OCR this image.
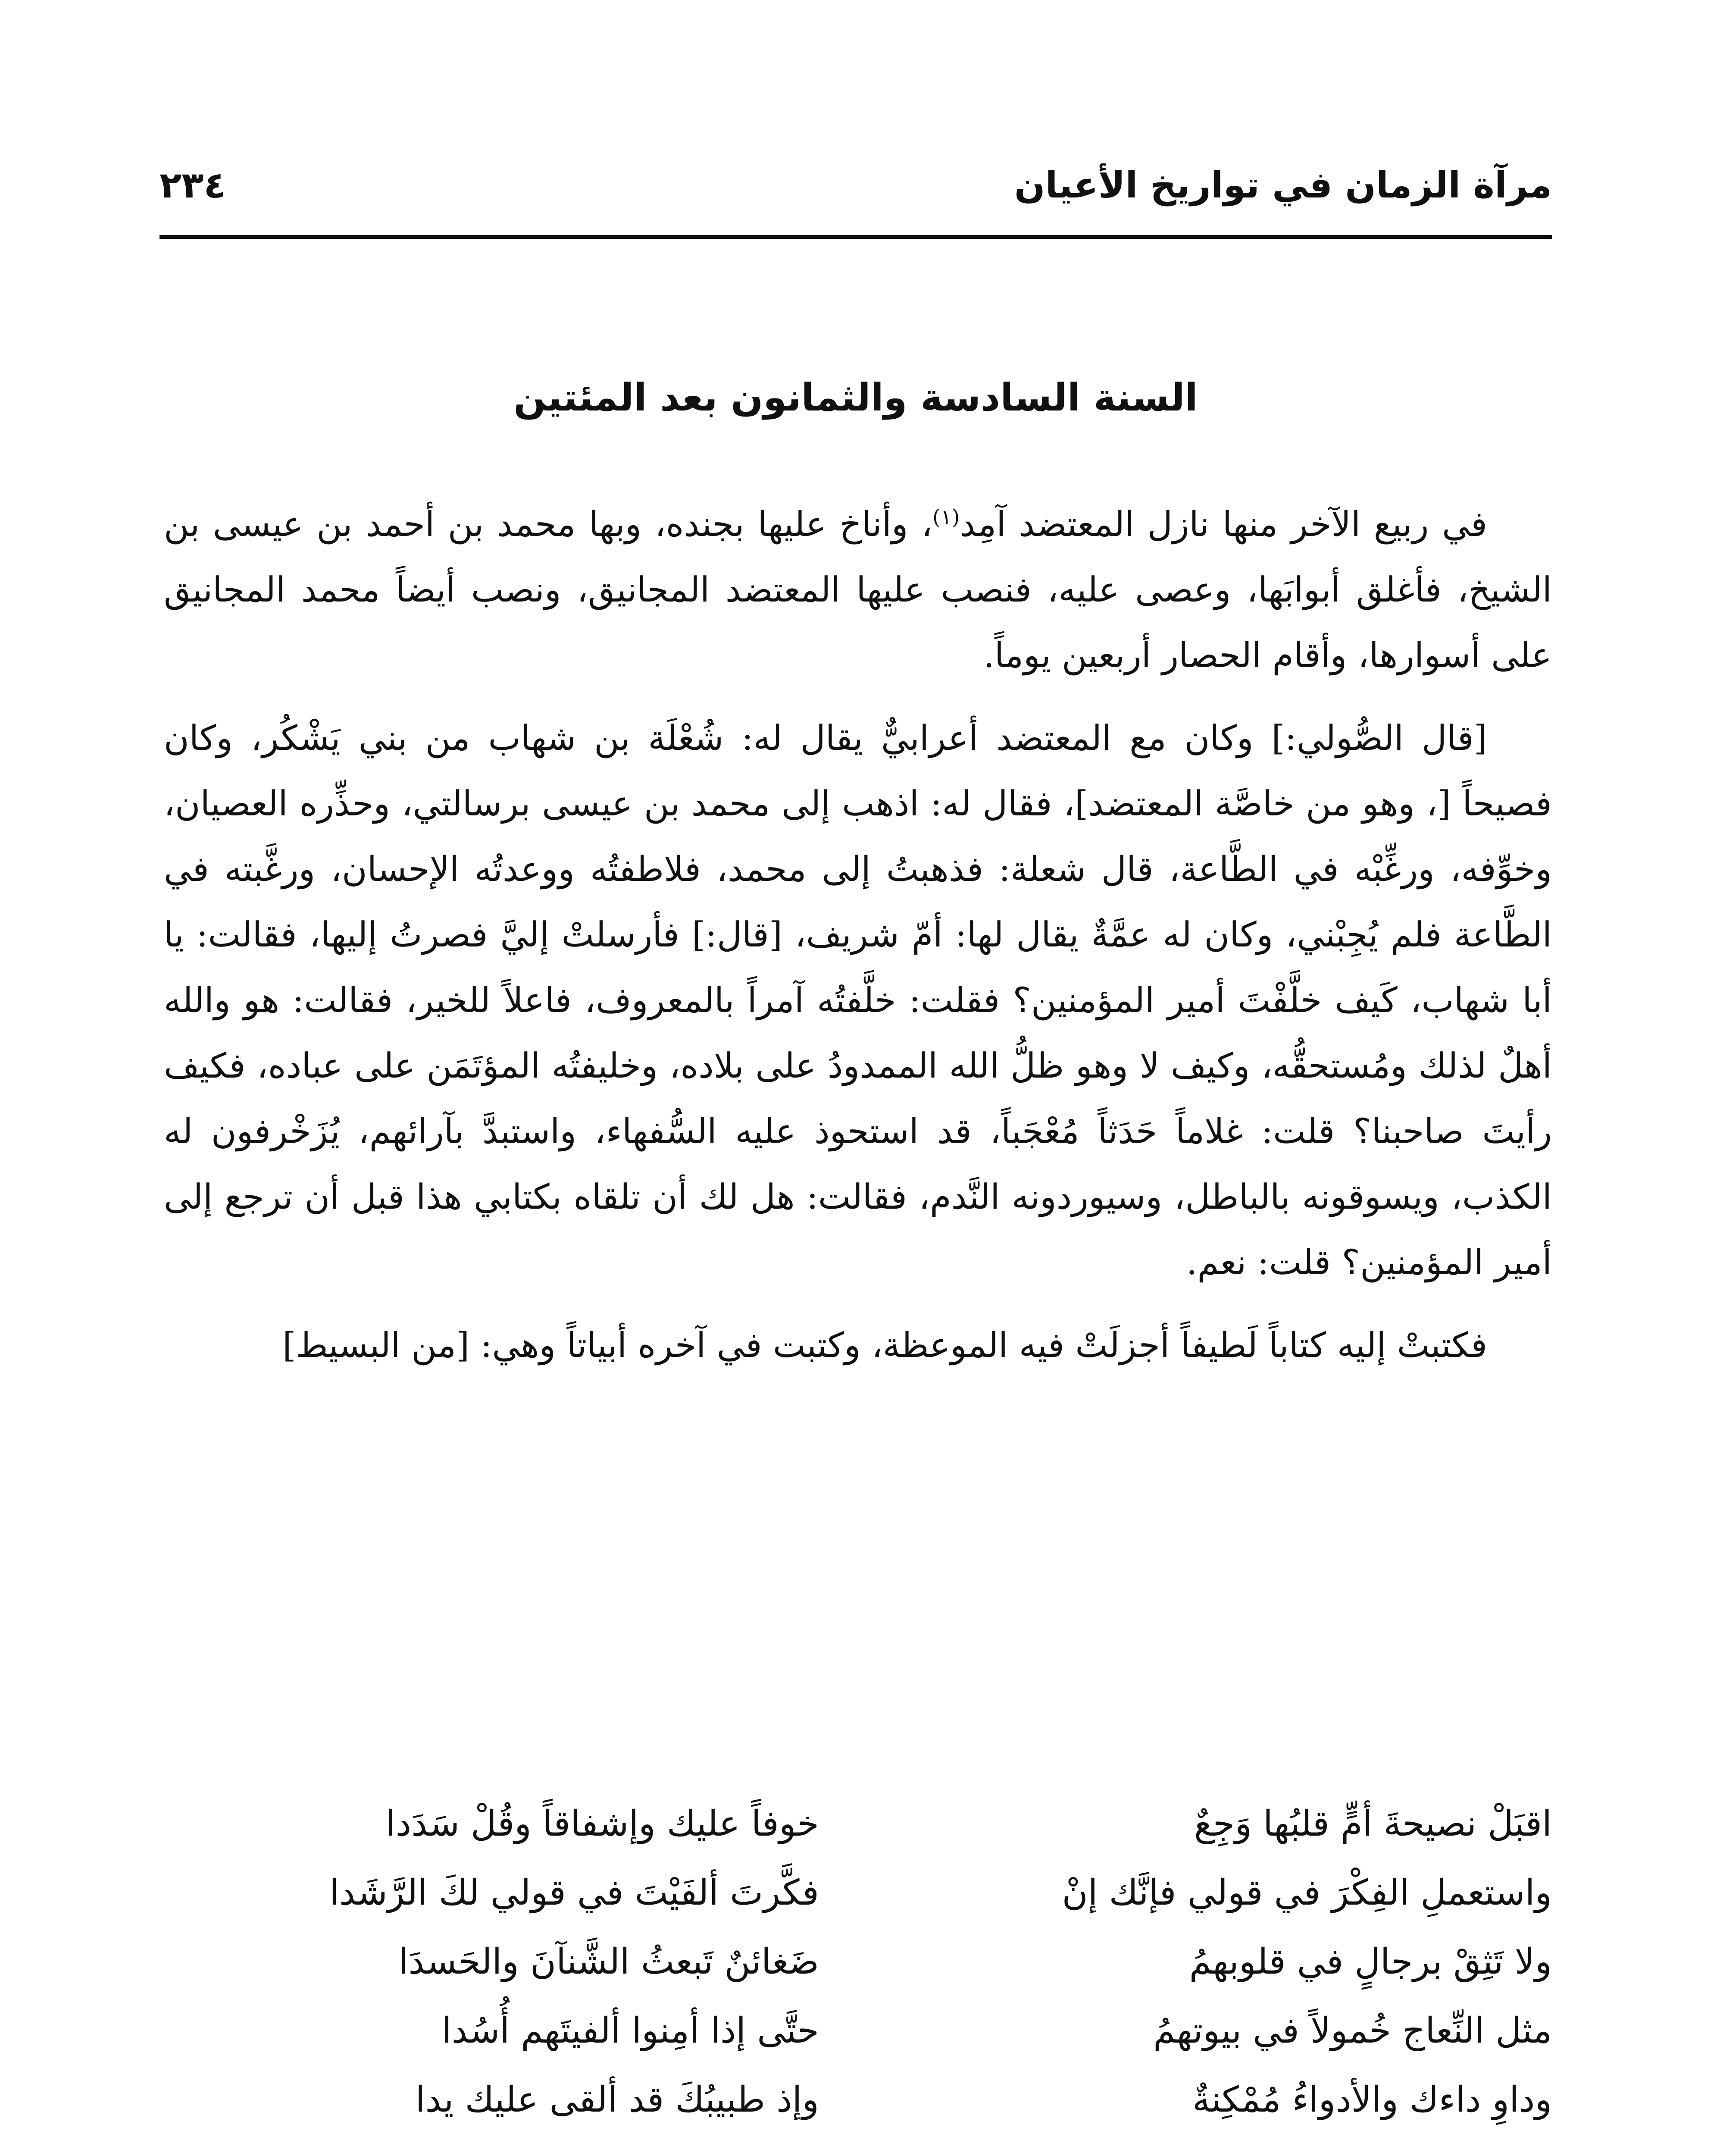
مرآة الزمان في تواريخ الأعيان
٢٣٤
السنة السادسة والثمانون بعد المئتين

في ربيع الآخر منها نازل المعتضد آمِد$^{(١)}$، وأناخ عليها بجنده، وبها محمد بن أحمد بن عيسى بن الشيخ، فأغلق أبوابَها، وعصى عليه، فنصب عليها المعتضد المجانيق، ونصب أيضاً محمد المجانيق على أسوارها، وأقام الحصار أربعين يوماً.

[قال الصُّولي:] وكان مع المعتضد أعرابيٌّ يقال له: شُعْلَة بن شهاب من بني يَشْكُر، وكان فصيحاً [، وهو من خاصَّة المعتضد]، فقال له: اذهب إلى محمد بن عيسى برسالتي، وحذِّره العصيان، وخوِّفه، ورغِّبْه في الطَّاعة، قال شعلة: فذهبتُ إلى محمد، فلاطفتُه ووعدتُه الإحسان، ورغَّبته في الطَّاعة فلم يُجِبْني، وكان له عمَّةٌ يقال لها: أمّ شريف، [قال:] فأرسلتْ إليَّ فصرتُ إليها، فقالت: يا أبا شهاب، كَيف خلَّفْتَ أمير المؤمنين؟ فقلت: خلَّفتُه آمراً بالمعروف، فاعلاً للخير، فقالت: هو والله أهلٌ لذلك ومُستحقُّه، وكيف لا وهو ظلُّ الله الممدودُ على بلاده، وخليفتُه المؤتَمَن على عباده، فكيف رأيتَ صاحبنا؟ قلت: غلاماً حَدَثاً مُعْجَباً، قد استحوذ عليه السُّفهاء، واستبدَّ بآرائهم، يُزَخْرفون له الكذب، ويسوقونه بالباطل، وسيوردونه النَّدم، فقالت: هل لك أن تلقاه بكتابي هذا قبل أن ترجع إلى أمير المؤمنين؟ قلت: نعم.

فكتبتْ إليه كتاباً لَطيفاً أجزلَتْ فيه الموعظة، وكتبت في آخره أبياتاً وهي: [من البسيط]

اقبَلْ نصيحةَ أمٍّ قلبُها وَجِعٌ
خوفاً عليك وإشفاقاً وقُلْ سَدَدا
واستعملِ الفِكْرَ في قولي فإنَّك إنْ
فكَّرتَ ألفَيْتَ في قولي لكَ الرَّشَدا
ولا تَثِقْ برجالٍ في قلوبهمُ
ضَغائنٌ تَبعثُ الشَّنآنَ والحَسدَا
مثل النِّعاج خُمولاً في بيوتهمُ
حتَّى إذا أمِنوا ألفيتَهم أُسُدا
وداوِ داءك والأدواءُ مُمْكِنةٌ
وإذ طبيبُكَ قد ألقى عليك يدا
